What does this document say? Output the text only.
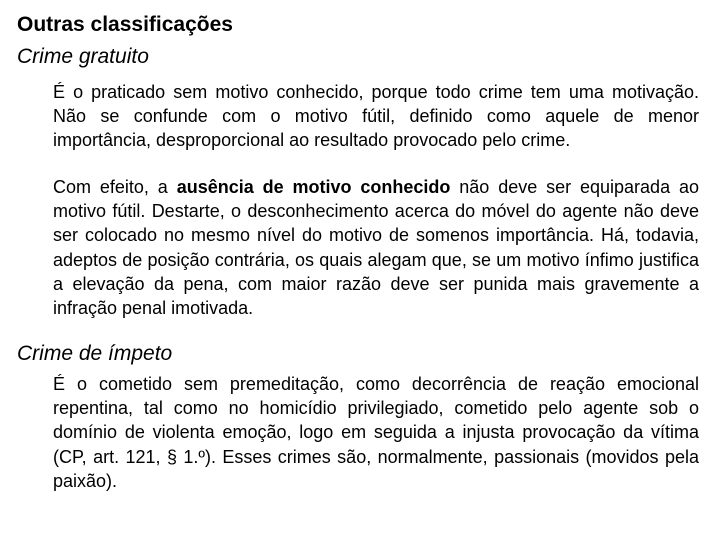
Outras classificações
Crime gratuito

É o praticado sem motivo conhecido, porque todo crime tem uma motivação. Não se confunde com o motivo fútil, definido como aquele de menor importância, desproporcional ao resultado provocado pelo crime.

Com efeito, a ausência de motivo conhecido não deve ser equiparada ao motivo fútil. Destarte, o desconhecimento acerca do móvel do agente não deve ser colocado no mesmo nível do motivo de somenos importância. Há, todavia, adeptos de posição contrária, os quais alegam que, se um motivo ínfimo justifica a elevação da pena, com maior razão deve ser punida mais gravemente a infração penal imotivada.

Crime de ímpeto

É o cometido sem premeditação, como decorrência de reação emocional repentina, tal como no homicídio privilegiado, cometido pelo agente sob o domínio de violenta emoção, logo em seguida a injusta provocação da vítima (CP, art. 121, § 1.º). Esses crimes são, normalmente, passionais (movidos pela paixão).
